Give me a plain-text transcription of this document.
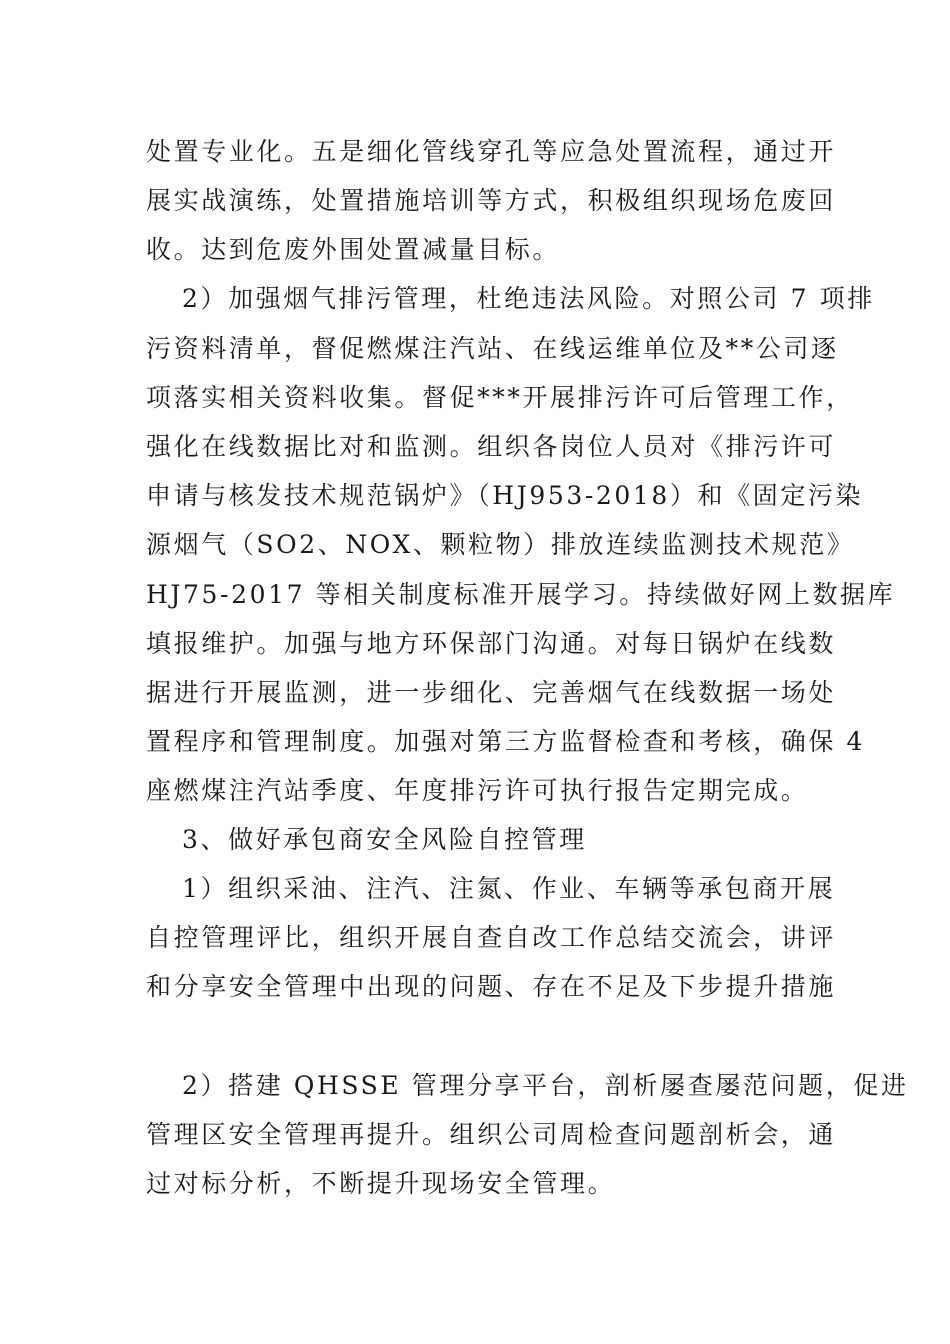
处置专业化。五是细化管线穿孔等应急处置流程，通过开
展实战演练，处置措施培训等方式，积极组织现场危废回
收。达到危废外围处置减量目标。
2）加强烟气排污管理，杜绝违法风险。对照公司 7 项排
污资料清单，督促燃煤注汽站、在线运维单位及**公司逐
项落实相关资料收集。督促***开展排污许可后管理工作，
强化在线数据比对和监测。组织各岗位人员对《排污许可
申请与核发技术规范锅炉》（HJ953-2018）和《固定污染
源烟气（SO2、NOX、颗粒物）排放连续监测技术规范》
HJ75-2017 等相关制度标准开展学习。持续做好网上数据库
填报维护。加强与地方环保部门沟通。对每日锅炉在线数
据进行开展监测，进一步细化、完善烟气在线数据一场处
置程序和管理制度。加强对第三方监督检查和考核，确保 4
座燃煤注汽站季度、年度排污许可执行报告定期完成。
3、做好承包商安全风险自控管理
1）组织采油、注汽、注氮、作业、车辆等承包商开展
自控管理评比，组织开展自查自改工作总结交流会，讲评
和分享安全管理中出现的问题、存在不足及下步提升措施
2）搭建 QHSSE 管理分享平台，剖析屡查屡范问题，促进
管理区安全管理再提升。组织公司周检查问题剖析会，通
过对标分析，不断提升现场安全管理。
